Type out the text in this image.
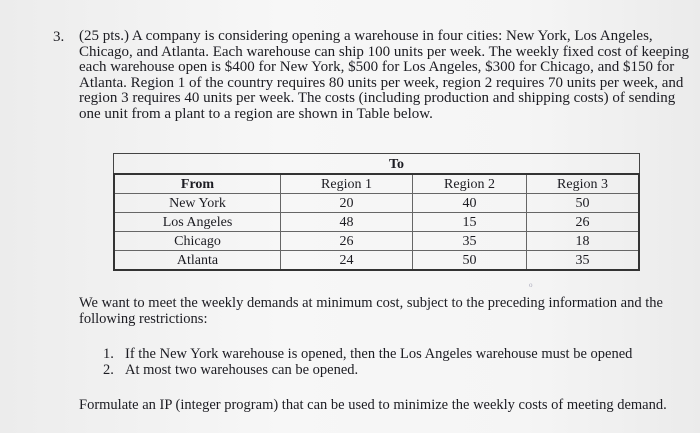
3. (25 pts.) A company is considering opening a warehouse in four cities: New York, Los Angeles,
Chicago, and Atlanta. Each warehouse can ship 100 units per week. The weekly fixed cost of keeping
each warehouse open is $400 for New York, $500 for Los Angeles, $300 for Chicago, and $150 for
Atlanta. Region 1 of the country requires 80 units per week, region 2 requires 70 units per week, and
region 3 requires 40 units per week. The costs (including production and shipping costs) of sending
one unit from a plant to a region are shown in Table below.

To
From	Region 1	Region 2	Region 3
New York	20	40	50
Los Angeles	48	15	26
Chicago	26	35	18
Atlanta	24	50	35
o

We want to meet the weekly demands at minimum cost, subject to the preceding information and the
following restrictions:

1. If the New York warehouse is opened, then the Los Angeles warehouse must be opened
2. At most two warehouses can be opened.

Formulate an IP (integer program) that can be used to minimize the weekly costs of meeting demand.
